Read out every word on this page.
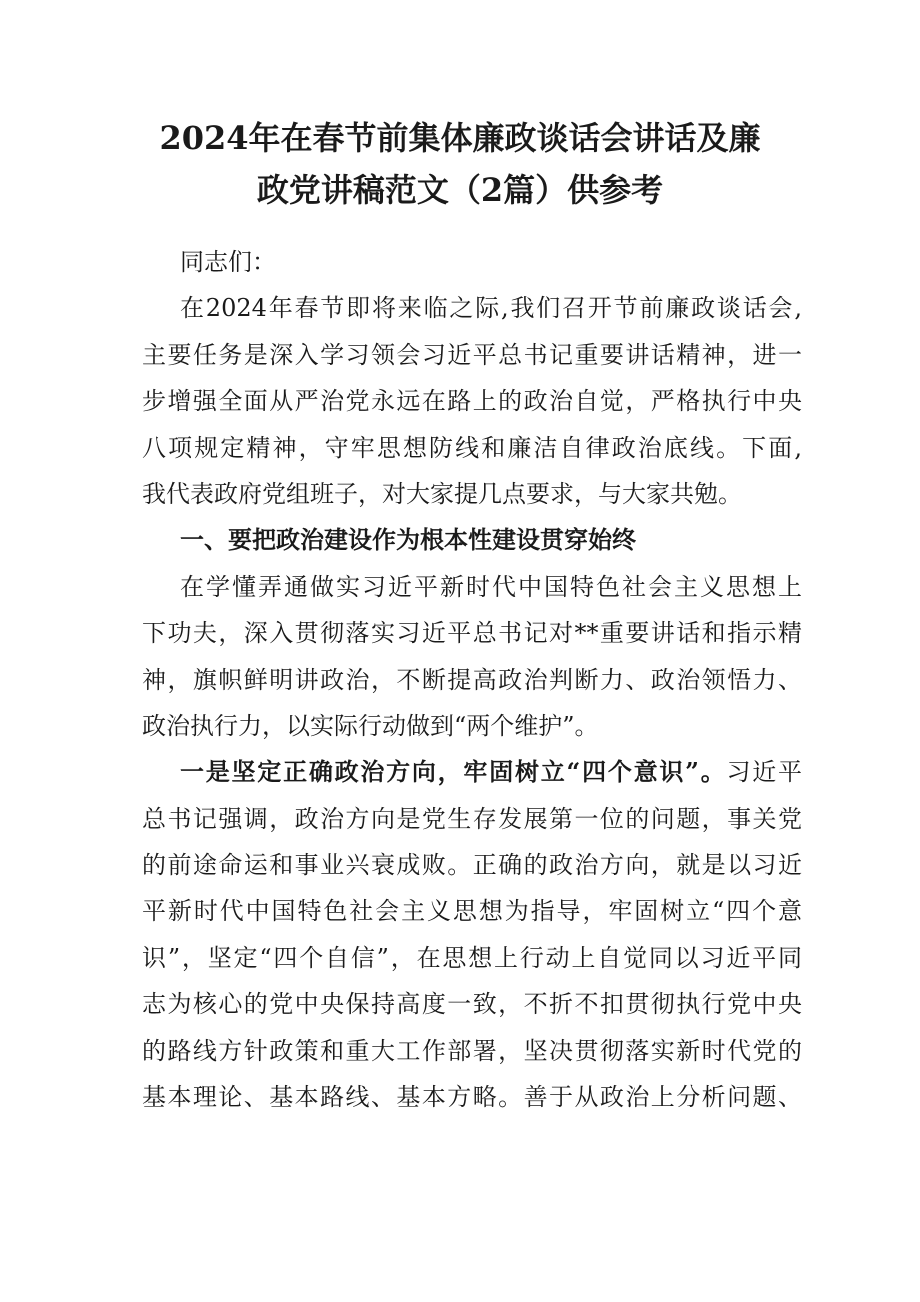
2024年在春节前集体廉政谈话会讲话及廉
政党讲稿范文（2篇）供参考
同志们：
在2024年春节即将来临之际,我们召开节前廉政谈话会,
主要任务是深入学习领会习近平总书记重要讲话精神，进一
步增强全面从严治党永远在路上的政治自觉，严格执行中央
八项规定精神，守牢思想防线和廉洁自律政治底线。下面,
我代表政府党组班子，对大家提几点要求，与大家共勉。
一、要把政治建设作为根本性建设贯穿始终
在学懂弄通做实习近平新时代中国特色社会主义思想上
下功夫，深入贯彻落实习近平总书记对**重要讲话和指示精
神，旗帜鲜明讲政治，不断提高政治判断力、政治领悟力、
政治执行力，以实际行动做到“两个维护”。
一是坚定正确政治方向，牢固树立“四个意识”。习近平
总书记强调，政治方向是党生存发展第一位的问题，事关党
的前途命运和事业兴衰成败。正确的政治方向，就是以习近
平新时代中国特色社会主义思想为指导，牢固树立“四个意
识”，坚定“四个自信”，在思想上行动上自觉同以习近平同
志为核心的党中央保持高度一致，不折不扣贯彻执行党中央
的路线方针政策和重大工作部署，坚决贯彻落实新时代党的
基本理论、基本路线、基本方略。善于从政治上分析问题、
